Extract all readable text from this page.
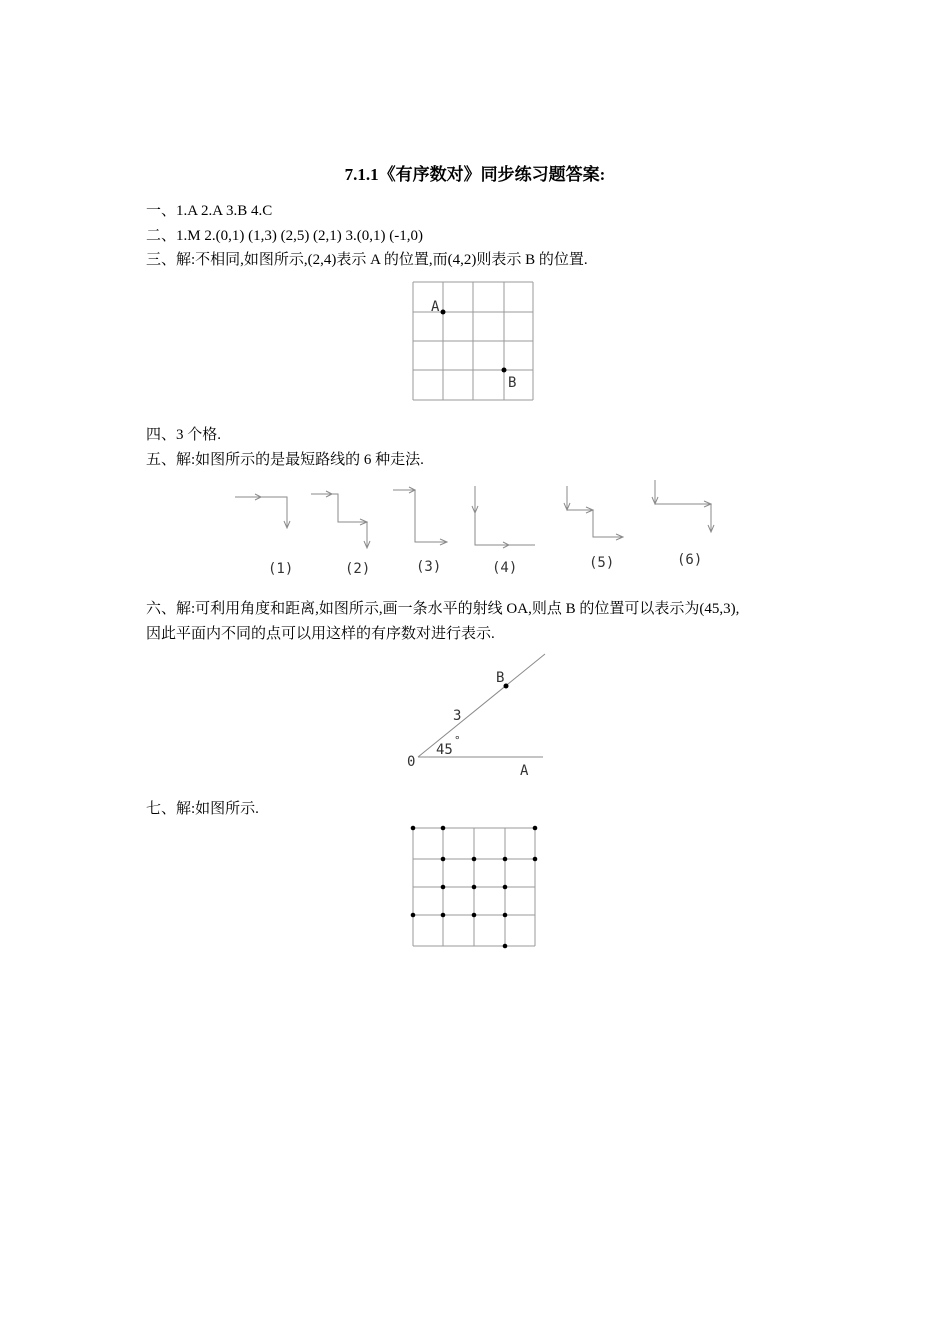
7.1.1《有序数对》同步练习题答案:
一、1.A 2.A 3.B 4.C
二、1.M 2.(0,1) (1,3) (2,5) (2,1) 3.(0,1) (-1,0)
三、解:不相同,如图所示,(2,4)表示 A 的位置,而(4,2)则表示 B 的位置.
A
B
四、3 个格.
五、解:如图所示的是最短路线的 6 种走法.
(1)	(2)	(3)	(4)	(5)	(6)
六、解:可利用角度和距离,如图所示,画一条水平的射线 OA,则点 B 的位置可以表示为(45,3),
因此平面内不同的点可以用这样的有序数对进行表示.
0
A
B
3
45
°
七、解:如图所示.
